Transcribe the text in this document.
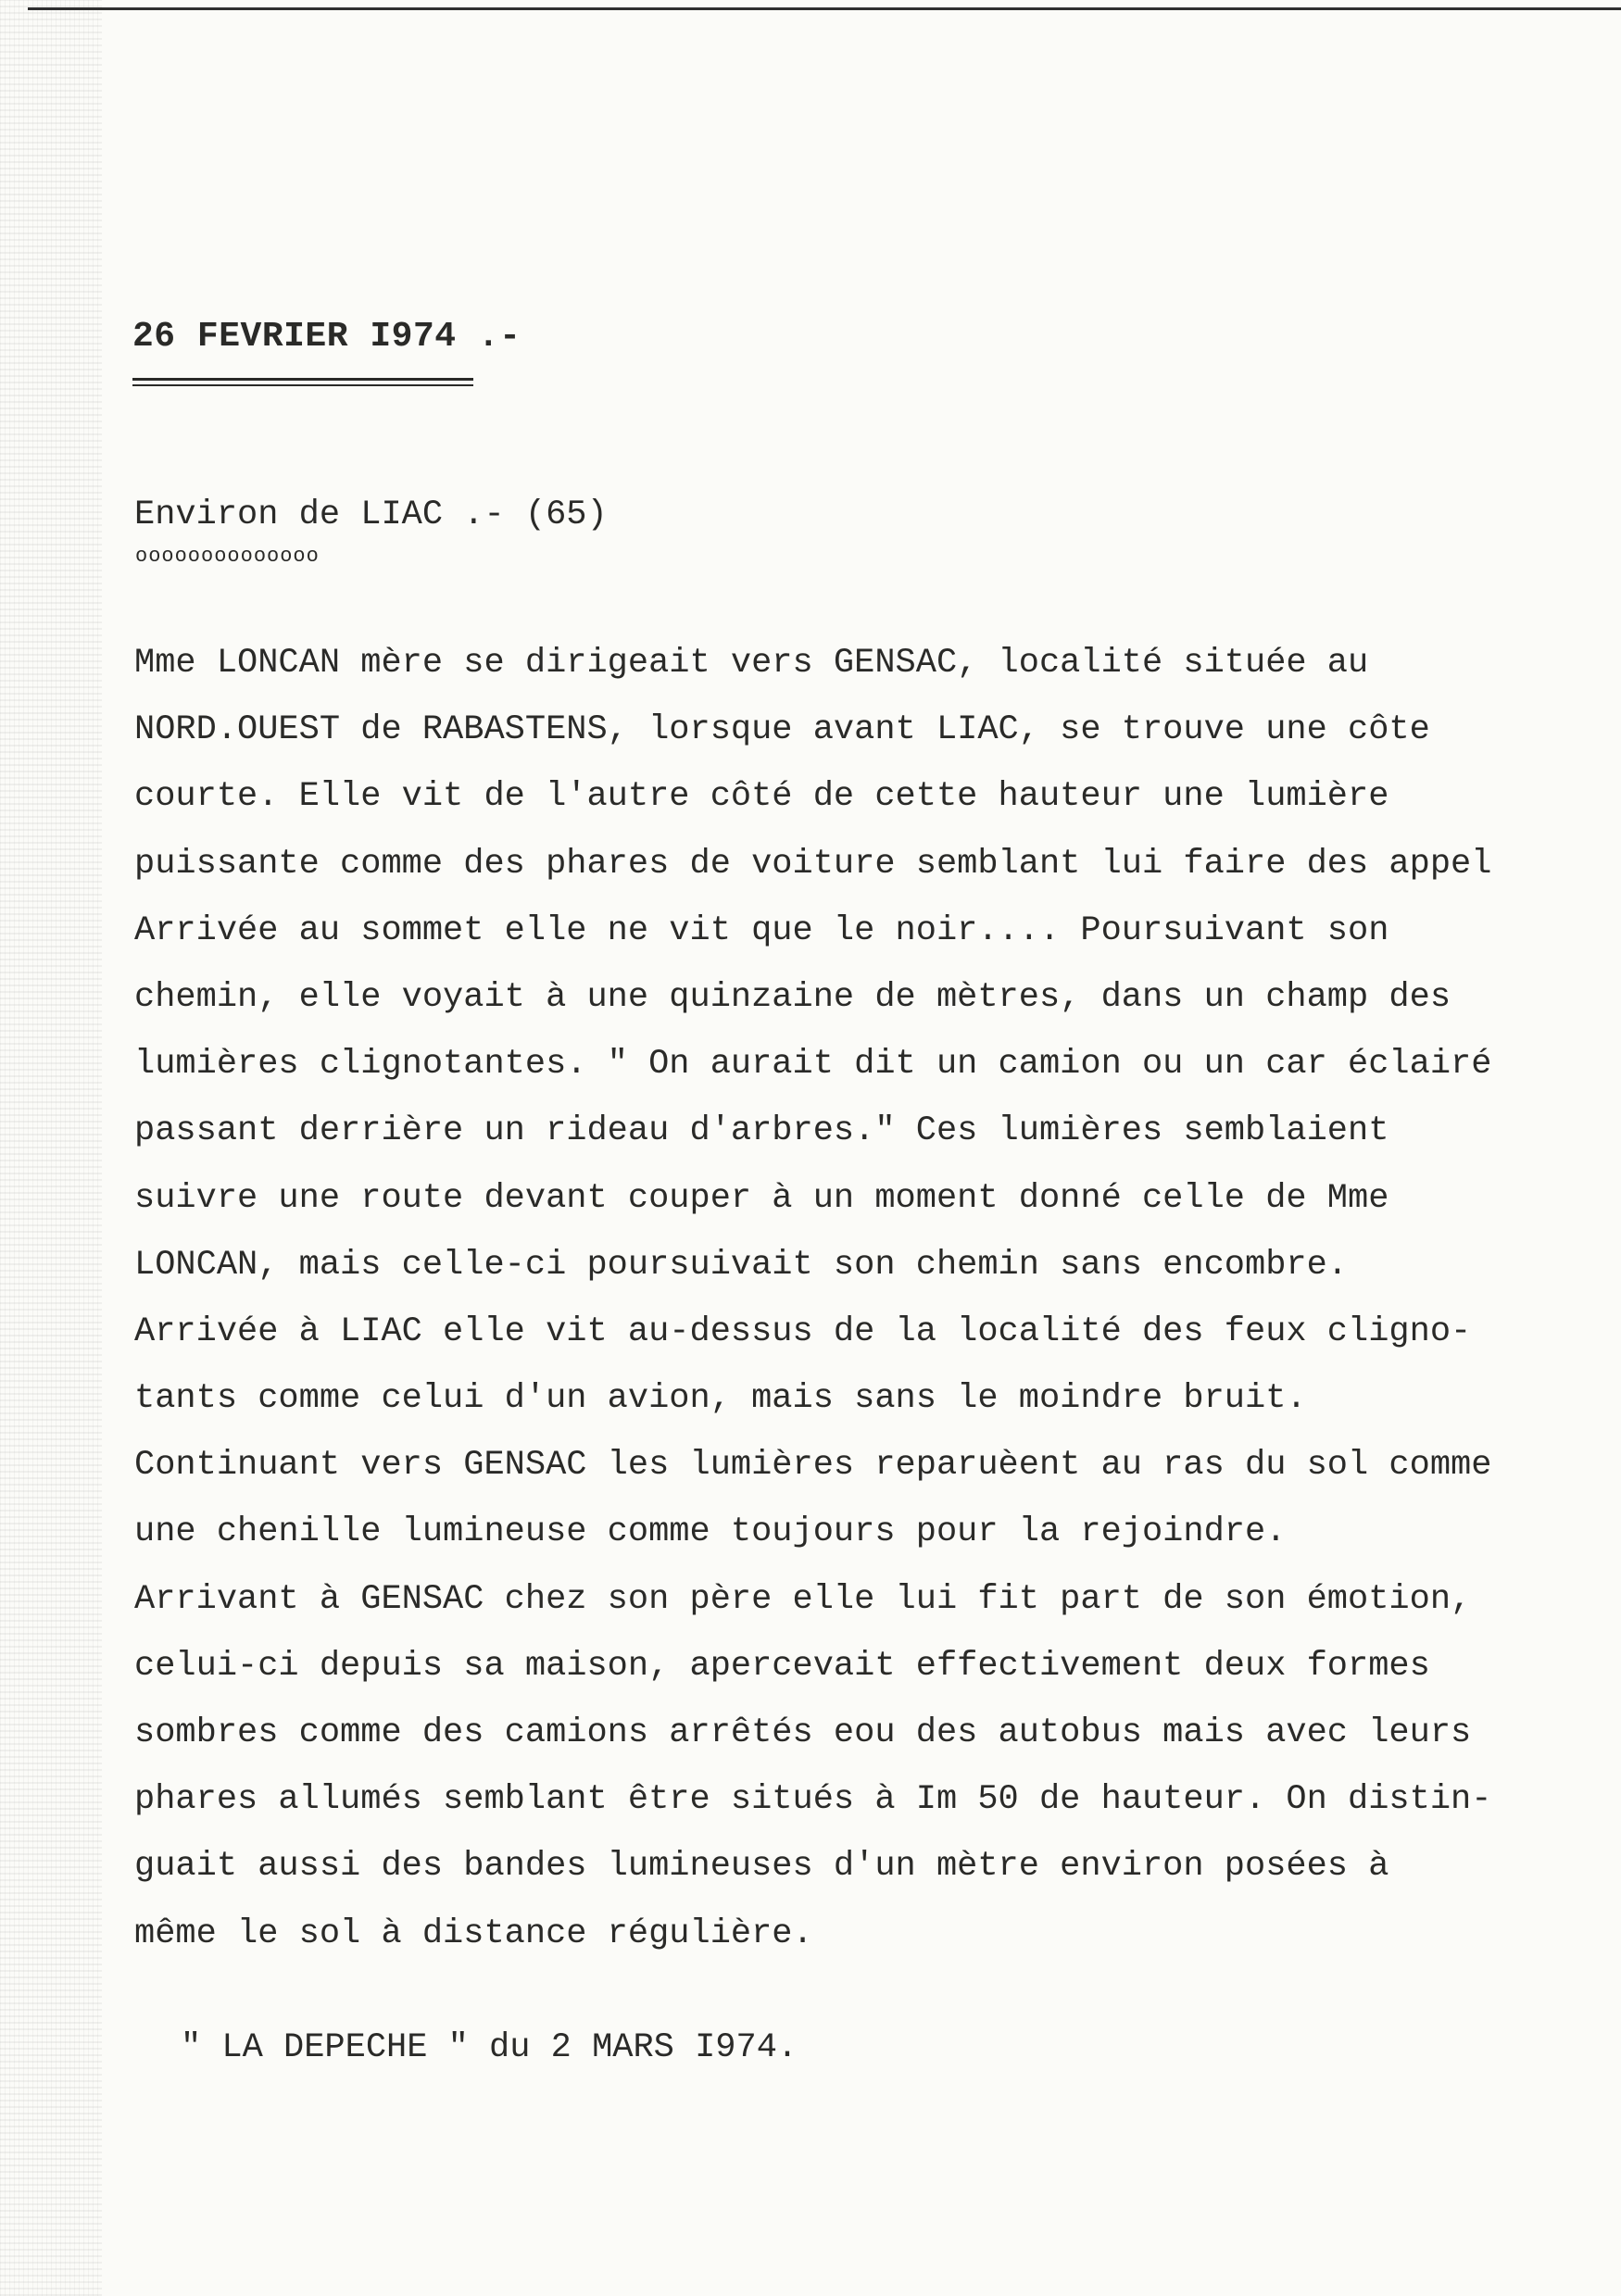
26 FEVRIER I974 .-
Environ de LIAC .- (65)
oooooooooooooo
Mme LONCAN mère se dirigeait vers GENSAC, localité située au
NORD.OUEST de RABASTENS, lorsque avant LIAC, se trouve une côte
courte. Elle vit de l'autre côté de cette hauteur une lumière
puissante comme des phares de voiture semblant lui faire des appel
Arrivée au sommet elle ne vit que le noir.... Poursuivant son
chemin, elle voyait à une quinzaine de mètres, dans un champ des
lumières clignotantes. " On aurait dit un camion ou un car éclairé
passant derrière un rideau d'arbres." Ces lumières semblaient
suivre une route devant couper à un moment donné celle de Mme
LONCAN, mais celle-ci poursuivait son chemin sans encombre.
Arrivée à LIAC elle vit au-dessus de la localité des feux cligno-
tants comme celui d'un avion, mais sans le moindre bruit.
Continuant vers GENSAC les lumières reparuèent au ras du sol comme
une chenille lumineuse comme toujours pour la rejoindre.
Arrivant à GENSAC chez son père elle lui fit part de son émotion,
celui-ci depuis sa maison, apercevait effectivement deux formes
sombres comme des camions arrêtés eou des autobus mais avec leurs
phares allumés semblant être situés à Im 50 de hauteur. On distin-
guait aussi des bandes lumineuses d'un mètre environ posées à
même le sol à distance régulière.
" LA DEPECHE " du 2 MARS I974.
